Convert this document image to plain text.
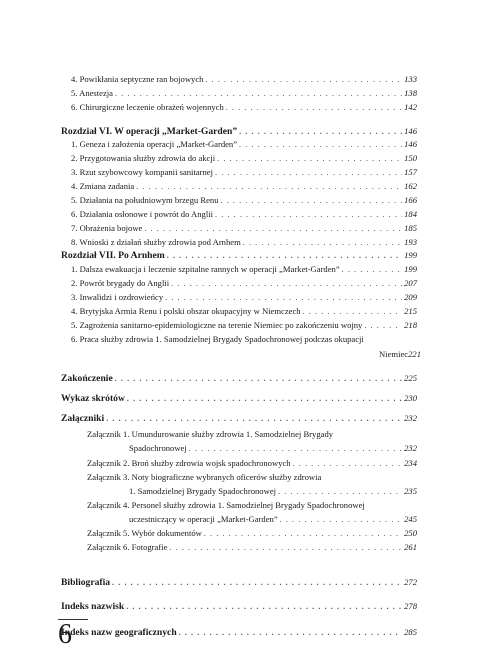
4. Powikłania septyczne ran bojowych . . .	133
5. Anestezja . . .	138
6. Chirurgiczne leczenie obrażeń wojennych . . .	142
Rozdział VI. W operacji „Market-Garden” . . .	146
1. Geneza i założenia operacji „Market-Garden” . . .	146
2. Przygotowania służby zdrowia do akcji . . .	150
3. Rzut szybowcowy kompanii sanitarnej . . .	157
4. Zmiana zadania . . .	162
5. Działania na południowym brzegu Renu . . .	166
6. Działania osłonowe i powrót do Anglii . . .	184
7. Obrażenia bojowe . . .	185
8. Wnioski z działań służby zdrowia pod Arnhem . . .	193
Rozdział VII. Po Arnhem . . .	199
1. Dalsza ewakuacja i leczenie szpitalne rannych w operacji „Market-Garden” . . .	199
2. Powrót brygady do Anglii . . .	207
3. Inwalidzi i ozdrowieńcy . . .	209
4. Brytyjska Armia Renu i polski obszar okupacyjny w Niemczech . . .	215
5. Zagrożenia sanitarno-epidemiologiczne na terenie Niemiec po zakończeniu wojny . . .	218
6. Praca służby zdrowia 1. Samodzielnej Brygady Spadochronowej podczas okupacji
Niemiec 221
Zakończenie . . .	225
Wykaz skrótów . . .	230
Załączniki . . .	232
Załącznik 1. Umundurowanie służby zdrowia 1. Samodzielnej Brygady
Spadochronowej . . .	232
Załącznik 2. Broń służby zdrowia wojsk spadochronowych . . .	234
Załącznik 3. Noty biograficzne wybranych oficerów służby zdrowia
1. Samodzielnej Brygady Spadochronowej . . .	235
Załącznik 4. Personel służby zdrowia 1. Samodzielnej Brygady Spadochronowej
uczestniczący w operacji „Market-Garden” . . .	245
Załącznik 5. Wybór dokumentów . . .	250
Załącznik 6. Fotografie . . .	261
Bibliografia . . .	272
Indeks nazwisk . . .	278
Indeks nazw geograficznych . . .	285
6
